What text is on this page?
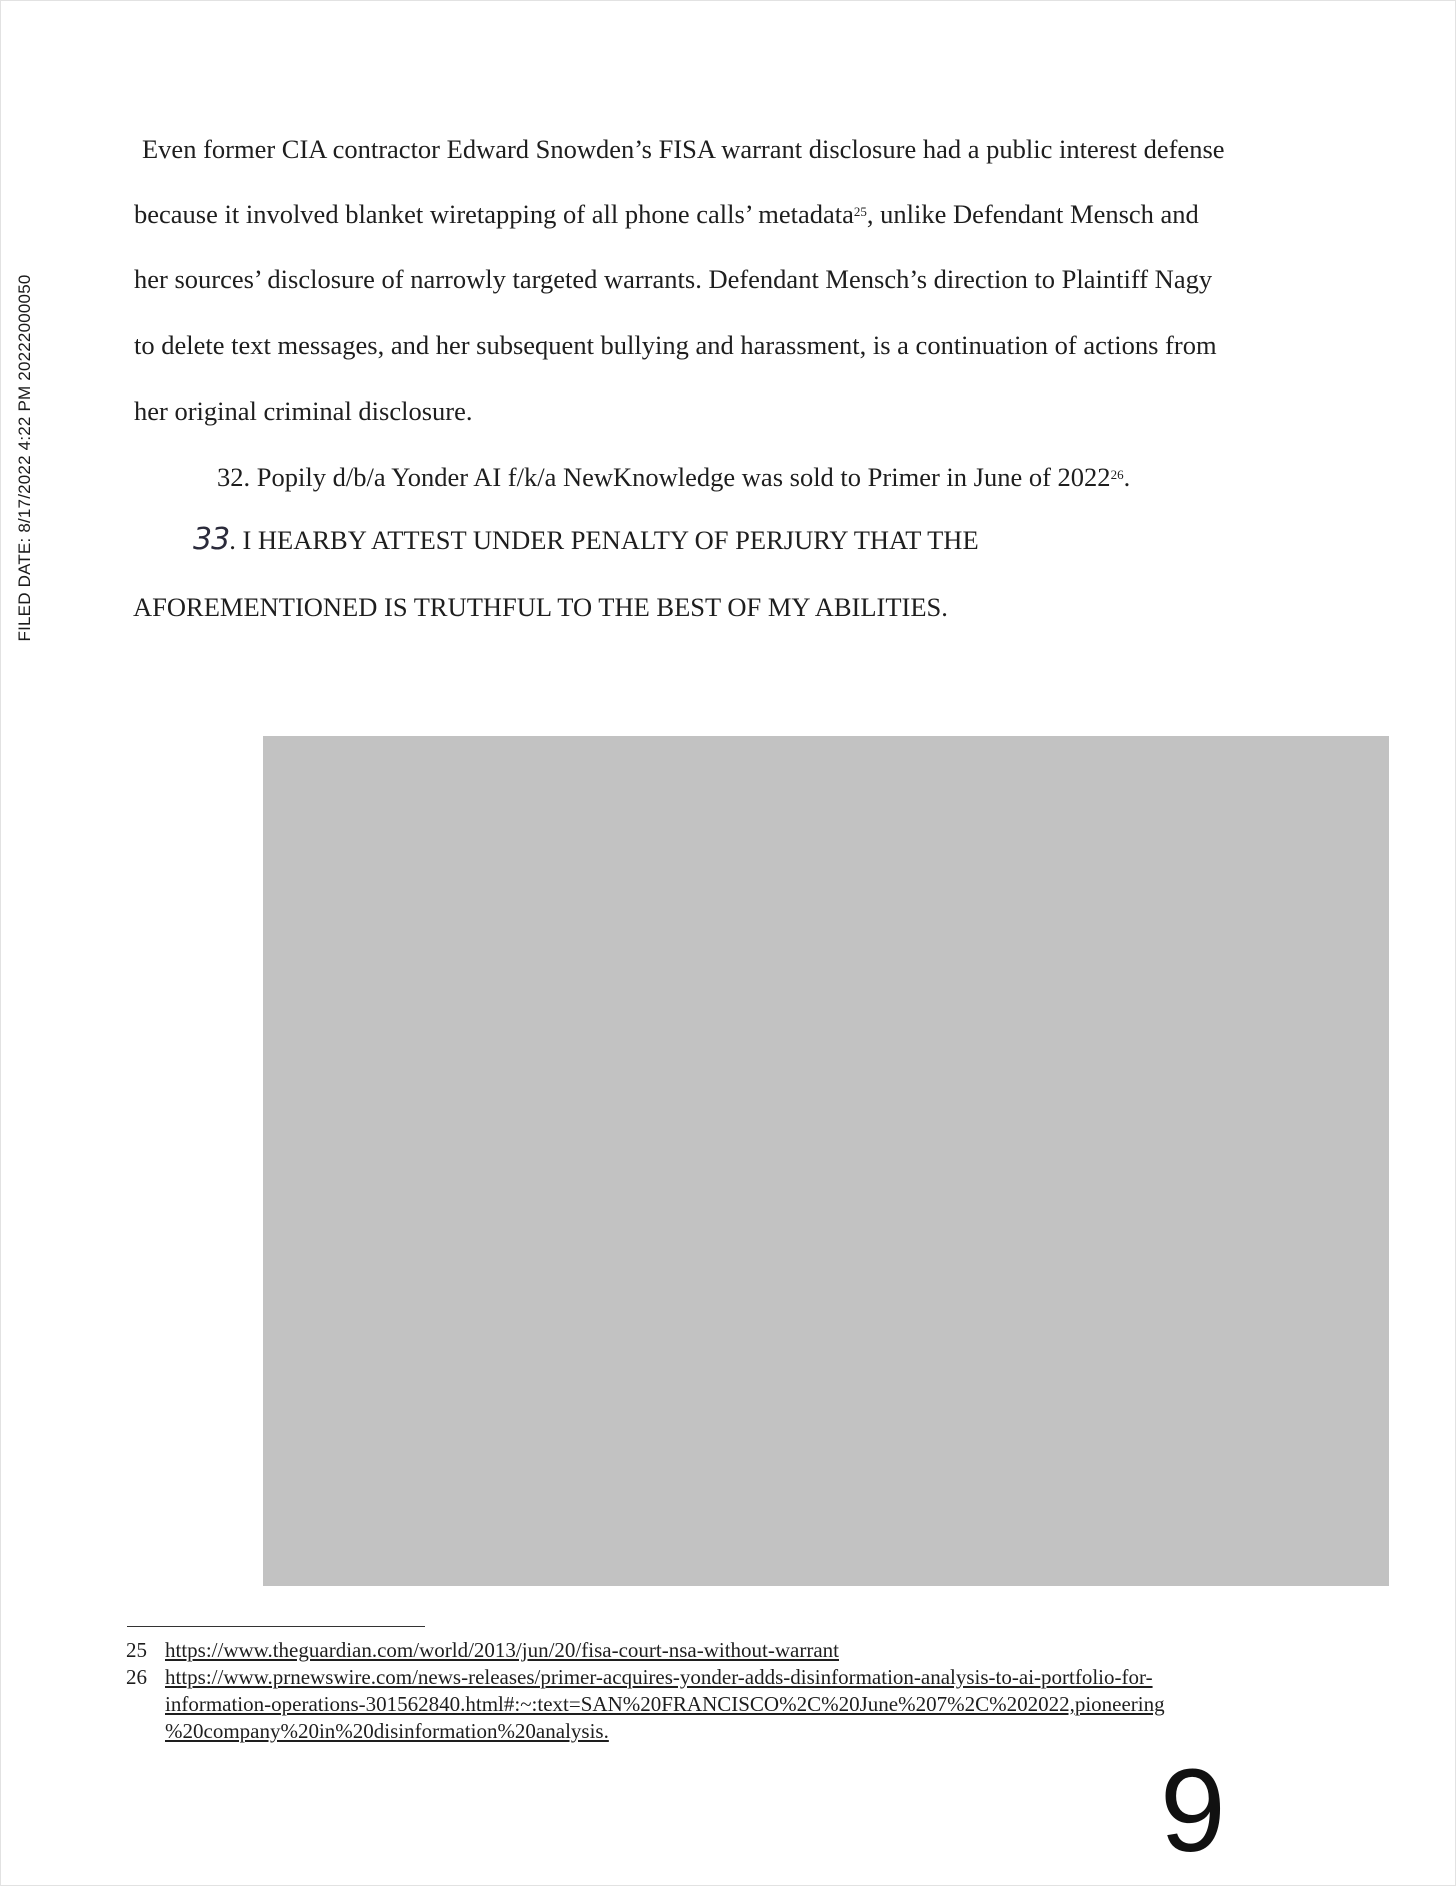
FILED DATE: 8/17/2022 4:22 PM 20222000050
Even former CIA contractor Edward Snowden’s FISA warrant disclosure had a public interest defense
because it involved blanket wiretapping of all phone calls’ metadata$^{25}$, unlike Defendant Mensch and
her sources’ disclosure of narrowly targeted warrants. Defendant Mensch’s direction to Plaintiff Nagy
to delete text messages, and her subsequent bullying and harassment, is a continuation of actions from
her original criminal disclosure.
32. Popily d/b/a Yonder AI f/k/a NewKnowledge was sold to Primer in June of 2022$^{26}$.
33. I HEARBY ATTEST UNDER PENALTY OF PERJURY THAT THE
AFOREMENTIONED IS TRUTHFUL TO THE BEST OF MY ABILITIES.
25 https://www.theguardian.com/world/2013/jun/20/fisa-court-nsa-without-warrant
26 https://www.prnewswire.com/news-releases/primer-acquires-yonder-adds-disinformation-analysis-to-ai-portfolio-for-
information-operations-301562840.html#:~:text=SAN%20FRANCISCO%2C%20June%207%2C%202022,pioneering
%20company%20in%20disinformation%20analysis.
9
